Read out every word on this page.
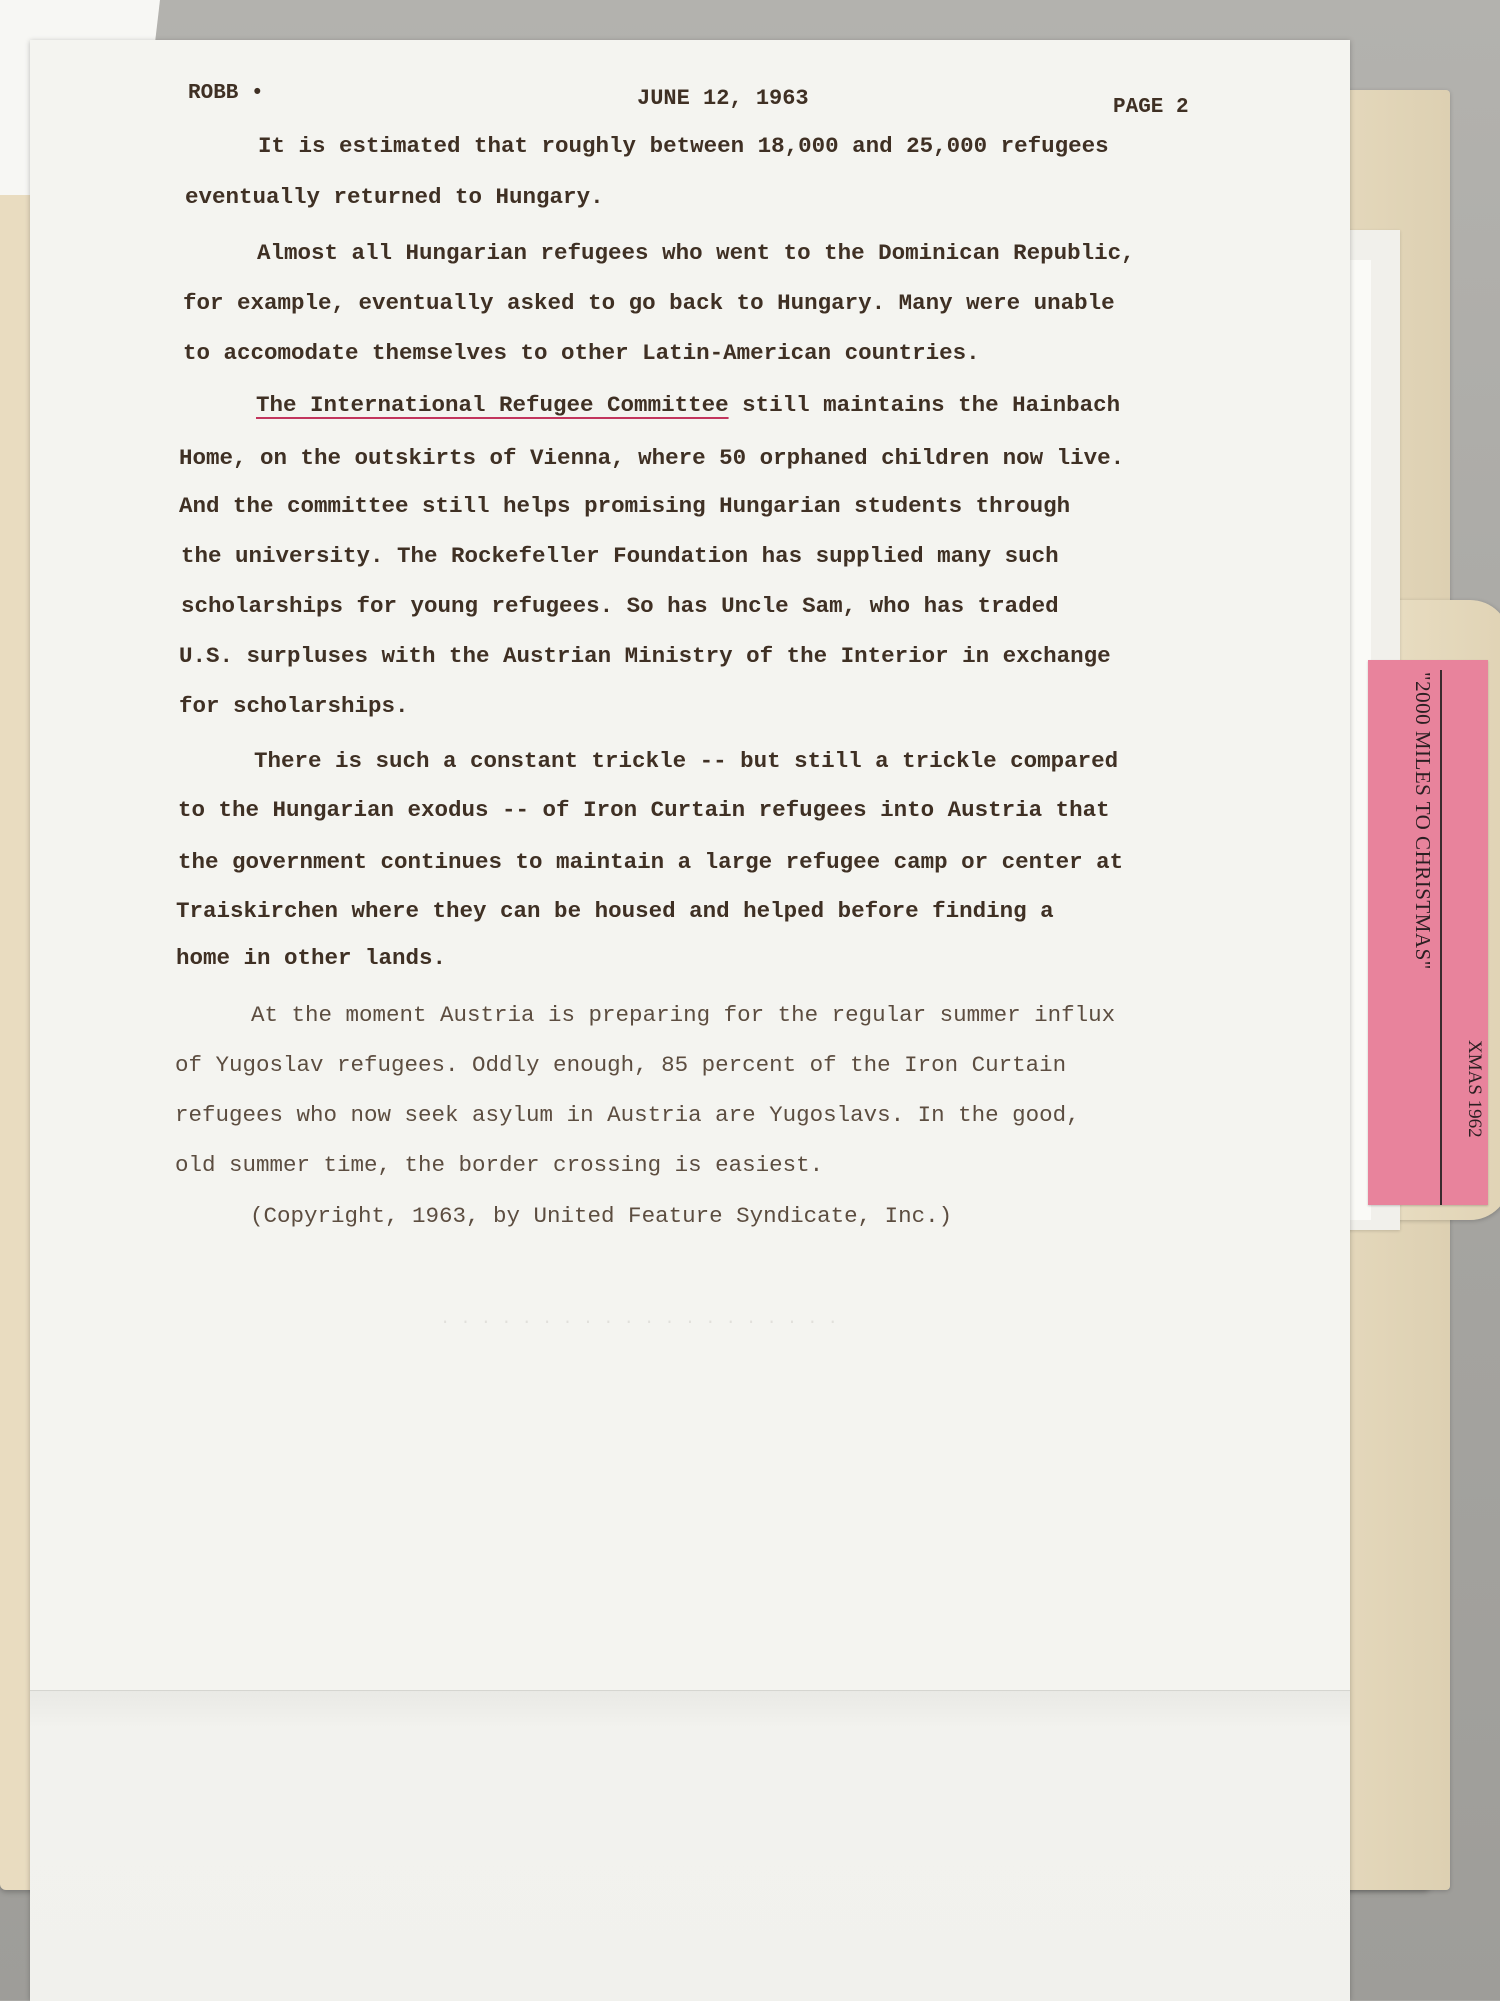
"2000 MILES TO CHRISTMAS"
XMAS 1962
. . . . . . . . . . . . . . . . . . . .
ROBB •	JUNE 12, 1963	PAGE 2
It is estimated that roughly between 18,000 and 25,000 refugees
eventually returned to Hungary.
Almost all Hungarian refugees who went to the Dominican Republic,
for example, eventually asked to go back to Hungary. Many were unable
to accomodate themselves to other Latin-American countries.
The International Refugee Committee still maintains the Hainbach
Home, on the outskirts of Vienna, where 50 orphaned children now live.
And the committee still helps promising Hungarian students through
the university. The Rockefeller Foundation has supplied many such
scholarships for young refugees. So has Uncle Sam, who has traded
U.S. surpluses with the Austrian Ministry of the Interior in exchange
for scholarships.
There is such a constant trickle -- but still a trickle compared
to the Hungarian exodus -- of Iron Curtain refugees into Austria that
the government continues to maintain a large refugee camp or center at
Traiskirchen where they can be housed and helped before finding a
home in other lands.
At the moment Austria is preparing for the regular summer influx
of Yugoslav refugees. Oddly enough, 85 percent of the Iron Curtain
refugees who now seek asylum in Austria are Yugoslavs. In the good,
old summer time, the border crossing is easiest.
(Copyright, 1963, by United Feature Syndicate, Inc.)
